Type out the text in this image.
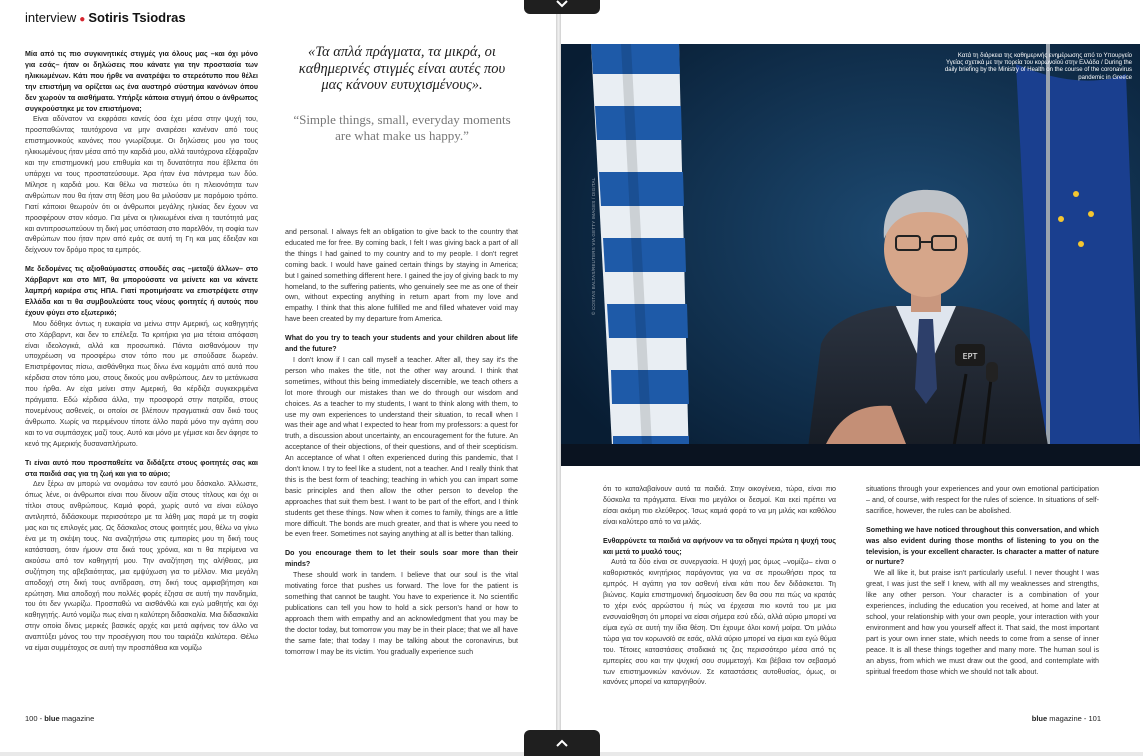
interview ● Sotiris Tsiodras

Μία από τις πιο συγκινητικές στιγμές για όλους μας –και όχι μόνο για εσάς– ήταν οι δηλώσεις που κάνατε για την προστασία των ηλικιωμένων. Κάτι που ήρθε να ανατρέψει το στερεότυπο που θέλει την επιστήμη να ορίζεται ως ένα αυστηρό σύστημα κανόνων όπου δεν χωρούν τα αισθήματα. Υπήρξε κάποια στιγμή όπου ο άνθρωπος συγκρούστηκε με τον επιστήμονα;

Είναι αδύνατον να εκφράσει κανείς όσα έχει μέσα στην ψυχή του, προσπαθώντας ταυτόχρονα να μην αναιρέσει κανέναν από τους επιστημονικούς κανόνες που γνωρίζουμε. Οι δηλώσεις μου για τους ηλικιωμένους ήταν μέσα από την καρδιά μου, αλλά ταυτόχρονα εξέφραζαν και την επιστημονική μου επιθυμία και τη δυνατότητα που έβλεπα ότι υπάρχει να τους προστατεύσουμε. Άρα ήταν ένα πάντρεμα των δύο. Μίλησε η καρδιά μου. Και θέλω να πιστεύω ότι η πλειονότητα των ανθρώπων που θα ήταν στη θέση μου θα μιλούσαν με παρόμοιο τρόπο. Γιατί κάποιοι θεωρούν ότι οι άνθρωποι μεγάλης ηλικίας δεν έχουν να προσφέρουν στον κόσμο. Για μένα οι ηλικιωμένοι είναι η ταυτότητά μας και αντιπροσωπεύουν τη δική μας υπόσταση στο παρελθόν, τη σοφία των ανθρώπων που ήταν πριν από εμάς σε αυτή τη Γη και μας έδειξαν και δείχνουν τον δρόμο προς τα εμπρός.

Με δεδομένες τις αξιοθαύμαστες σπουδές σας –μεταξύ άλλων– στο Χάρβαρντ και στο MIT, θα μπορούσατε να μείνετε και να κάνετε λαμπρή καριέρα στις ΗΠΑ. Γιατί προτιμήσατε να επιστρέψετε στην Ελλάδα και τι θα συμβουλεύατε τους νέους φοιτητές ή αυτούς που έχουν φύγει στο εξωτερικό;

Μου δόθηκε όντως η ευκαιρία να μείνω στην Αμερική, ως καθηγητής στο Χάρβαρντ, και δεν το επέλεξα. Τα κριτήρια για μια τέτοια απόφαση είναι ιδεολογικά, αλλά και προσωπικά. Πάντα αισθανόμουν την υποχρέωση να προσφέρω στον τόπο που με σπούδασε δωρεάν. Επιστρέφοντας πίσω, αισθάνθηκα πως δίνω ένα κομμάτι από αυτά που κέρδισα στον τόπο μου, στους δικούς μου ανθρώπους. Δεν το μετάνιωσα που ήρθα. Αν είχα μείνει στην Αμερική, θα κέρδιζα συγκεκριμένα πράγματα. Εδώ κέρδισα άλλα, την προσφορά στην πατρίδα, στους πονεμένους ασθενείς, οι οποίοι σε βλέπουν πραγματικά σαν δικό τους άνθρωπο. Χωρίς να περιμένουν τίποτε άλλο παρά μόνο την αγάπη σου και το να συμπάσχεις μαζί τους. Αυτό και μόνο με γέμισε και δεν άφησε το κενό της Αμερικής δυσαναπλήρωτο.

Τι είναι αυτό που προσπαθείτε να διδάξετε στους φοιτητές σας και στα παιδιά σας για τη ζωή και για το αύριο;

Δεν ξέρω αν μπορώ να ονομάσω τον εαυτό μου δάσκαλο. Άλλωστε, όπως λένε, οι άνθρωποι είναι που δίνουν αξία στους τίτλους και όχι οι τίτλοι στους ανθρώπους. Καμιά φορά, χωρίς αυτό να είναι εύλογο αντιληπτό, διδάσκουμε περισσότερο με τα λάθη μας παρά με τη σοφία μας και τις επιλογές μας. Ως δάσκαλος στους φοιτητές μου, θέλω να γίνω ένα με τη σκέψη τους. Να αναζητήσω στις εμπειρίες μου τη δική τους κατάσταση, όταν ήμουν στα δικά τους χρόνια, και τι θα περίμενα να ακούσω από τον καθηγητή μου. Την αναζήτηση της αλήθειας, μια συζήτηση της αβεβαιότητας, μια εμψύχωση για το μέλλον. Μια μεγάλη αποδοχή στη δική τους αντίδραση, στη δική τους αμφισβήτηση και ερώτηση. Μια αποδοχή που πολλές φορές έζησα σε αυτή την πανδημία, του ότι δεν γνωρίζω. Προσπαθώ να αισθάνθώ και εγώ μαθητής και όχι καθηγητής. Αυτό νομίζω πως είναι η καλύτερη διδασκαλία. Μια διδασκαλία στην οποία δίνεις μερικές βασικές αρχές και μετά αφήνεις τον άλλο να αναπτύξει μόνος του την προσέγγιση που του ταιριάζει καλύτερα. Θέλω να είμαι συμμέτοχος σε αυτή την προσπάθεια και νομίζω

«Τα απλά πράγματα, τα μικρά, οι καθημερινές στιγμές είναι αυτές που μας κάνουν ευτυχισμένους».
“Simple things, small, everyday moments are what make us happy.”

and personal. I always felt an obligation to give back to the country that educated me for free. By coming back, I felt I was giving back a part of all the things I had gained to my country and to my people. I don't regret coming back. I would have gained certain things by staying in America; but I gained something different here. I gained the joy of giving back to my homeland, to the suffering patients, who genuinely see me as one of their own, without expecting anything in return apart from my love and empathy. I think that this alone fulfilled me and filled whatever void may have been created by my departure from America.

What do you try to teach your students and your children about life and the future?

I don't know if I can call myself a teacher. After all, they say it's the person who makes the title, not the other way around. I think that sometimes, without this being immediately discernible, we teach others a lot more through our mistakes than we do through our wisdom and choices. As a teacher to my students, I want to think along with them, to use my own experiences to understand their situation, to recall when I was their age and what I expected to hear from my professors: a quest for truth, a discussion about uncertainty, an encouragement for the future. An acceptance of their objections, of their questions, and of their scepticism. An acceptance of what I often experienced during this pandemic, that I don't know. I try to feel like a student, not a teacher. And I really think that this is the best form of teaching; teaching in which you can impart some basic principles and then allow the other person to develop the approaches that suit them best. I want to be part of the effort, and I think students get these things. Now when it comes to family, things are a little more difficult. The bonds are much greater, and that is where you need to be even freer. Sometimes not saying anything at all is better than talking.

Do you encourage them to let their souls soar more than their minds?

These should work in tandem. I believe that our soul is the vital motivating force that pushes us forward. The love for the patient is something that cannot be taught. You have to experience it. No scientific publications can tell you how to hold a sick person's hand or how to approach them with empathy and an acknowledgment that you may be the doctor today, but tomorrow you may be in their place; that we all have the same fate; that today I may be talking about the coronavirus, but tomorrow I may be its victim. You gradually experience such

100 - blue magazine	blue magazine - 101
ΕΡΤ
Κατά τη διάρκεια της καθημερινής ενημέρωσης από το Υπουργείο Υγείας σχετικά με την πορεία του κορωνοϊού στην Ελλάδα / During the daily briefing by the Ministry of Health on the course of the coronavirus pandemic in Greece
© COSTAS BALTAS/REUTERS VIA GETTY IMAGES / DIGITAL

ότι το καταλαβαίνουν αυτά τα παιδιά. Στην οικογένεια, τώρα, είναι πιο δύσκολα τα πράγματα. Είναι πιο μεγάλοι οι δεσμοί. Και εκεί πρέπει να είσαι ακόμη πιο ελεύθερος. Ίσως καμιά φορά το να μη μιλάς και καθόλου είναι καλύτερο από το να μιλάς.

Ενθαρρύνετε τα παιδιά να αφήνουν να τα οδηγεί πρώτα η ψυχή τους και μετά το μυαλό τους;

Αυτά τα δύο είναι σε συνεργασία. Η ψυχή μας όμως –νομίζω– είναι ο καθοριστικός κινητήριος παράγοντας για να σε προωθήσει προς τα εμπρός. Η αγάπη για τον ασθενή είναι κάτι που δεν διδάσκεται. Τη βιώνεις. Καμία επιστημονική δημοσίευση δεν θα σου πει πώς να κρατάς το χέρι ενός αρρώστου ή πώς να έρχεσαι πιο κοντά του με μια ενσυναίσθηση ότι μπορεί να είσαι σήμερα εσύ εδώ, αλλά αύριο μπορεί να είμαι εγώ σε αυτή την ίδια θέση. Ότι έχουμε όλοι κοινή μοίρα. Ότι μιλάω τώρα για τον κορωνοϊό σε εσάς, αλλά αύριο μπορεί να είμαι και εγώ θύμα του. Τέτοιες καταστάσεις σταδιακά τις ζεις περισσότερο μέσα από τις εμπειρίες σου και την ψυχική σου συμμετοχή. Και βέβαια τον σεβασμό των επιστημονικών κανόνων. Σε καταστάσεις αυτοθυσίας, όμως, οι κανόνες μπορεί να καταργηθούν.

situations through your experiences and your own emotional participation – and, of course, with respect for the rules of science. In situations of self-sacrifice, however, the rules can be abolished.

Something we have noticed throughout this conversation, and which was also evident during those months of listening to you on the television, is your excellent character. Is character a matter of nature or nurture?

We all like it, but praise isn't particularly useful. I never thought I was great, I was just the self I knew, with all my weaknesses and strengths, like any other person. Your character is a combination of your experiences, including the education you received, at home and later at school, your relationship with your own people, your interaction with your environment and how you yourself affect it. That said, the most important part is your own inner state, which needs to come from a sense of inner peace. It is all these things together and many more. The human soul is an abyss, from which we must draw out the good, and contemplate with spiritual freedom those which we should not talk about.
